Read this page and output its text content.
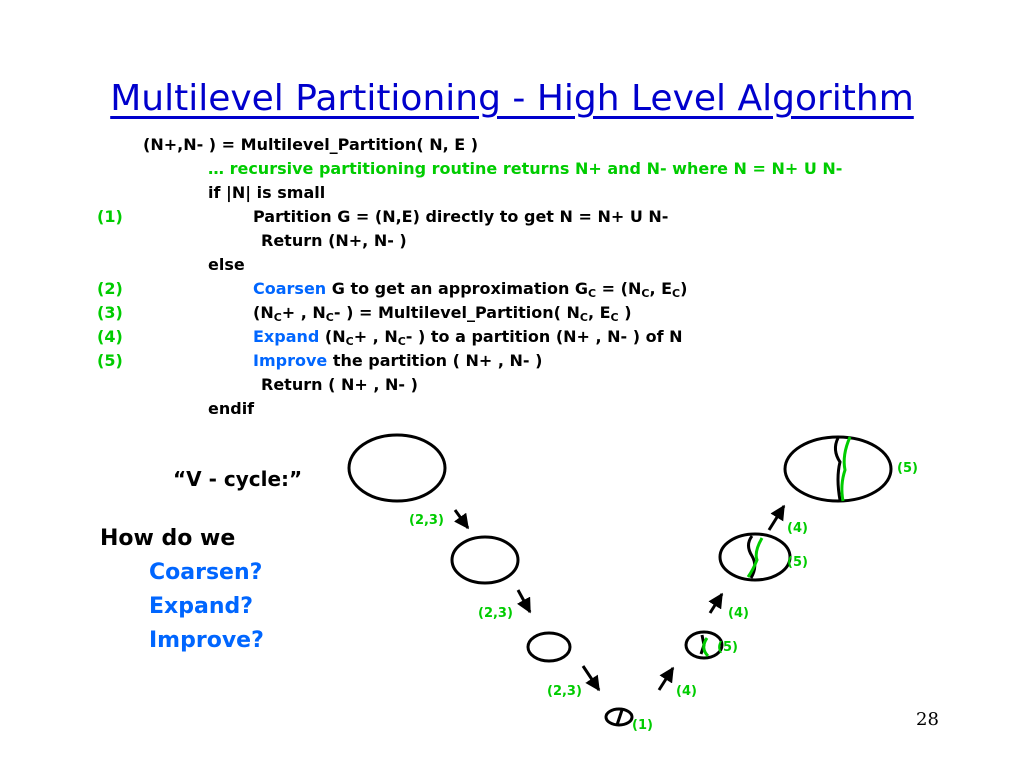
Multilevel Partitioning - High Level Algorithm
(N+,N- ) = Multilevel_Partition( N, E )
… recursive partitioning routine returns N+ and N- where N = N+ U N-
if |N| is small
Partition G = (N,E) directly to get N = N+ U N-
Return (N+, N- )
else
Coarsen G to get an approximation $G_C = (N_C$, $E_C$)
($N_C+$ , $N_C-$ ) = Multilevel_Partition( $N_C$, $E_C$ )
Expand ($N_C+$ , $N_C-$ ) to a partition (N+ , N- ) of N
Improve the partition ( N+ , N- )
Return ( N+ , N- )
endif
(1)
(2)
(3)
(4)
(5)
“V - cycle:”
How do we
Coarsen?
Expand?
Improve?
(2,3)
(2,3)
(2,3)
(1)
(4)
(5)
(4)
(5)
(4)
(5)
28
